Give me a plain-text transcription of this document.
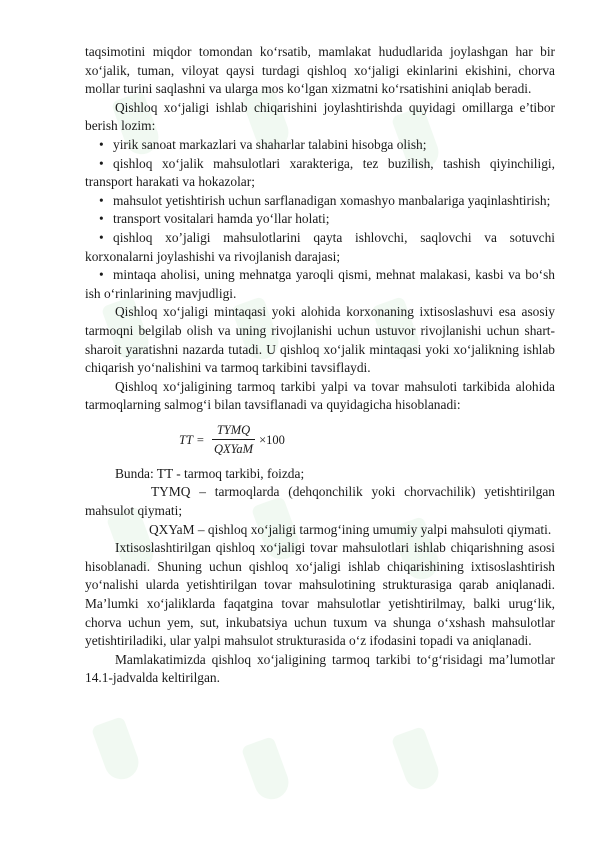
taqsimotini miqdor tomondan ko‘rsatib, mamlakat hududlarida joylashgan har bir

xo‘jalik, tuman, viloyat qaysi turdagi qishloq xo‘jaligi ekinlarini ekishini, chorva

mollar turini saqlashni va ularga mos ko‘lgan xizmatni ko‘rsatishini aniqlab beradi.

Qishloq xo‘jaligi ishlab chiqarishini joylashtirishda quyidagi omillarga e’tibor

berish lozim:

• yirik sanoat markazlari va shaharlar talabini hisobga olish;

• qishloq xo‘jalik mahsulotlari xarakteriga, tez buzilish, tashish qiyinchiligi, transport harakati va hokazolar;

• mahsulot yetishtirish uchun sarflanadigan xomashyo manbalariga yaqinlashtirish;

• transport vositalari hamda yo‘llar holati;

• qishloq xo’jaligi mahsulotlarini qayta ishlovchi, saqlovchi va sotuvchi korxonalarni joylashishi va rivojlanish darajasi;

• mintaqa aholisi, uning mehnatga yaroqli qismi, mehnat malakasi, kasbi va bo‘sh ish o‘rinlarining mavjudligi.

Qishloq xo‘jaligi mintaqasi yoki alohida korxonaning ixtisoslashuvi esa asosiy tarmoqni belgilab olish va uning rivojlanishi uchun ustuvor rivojlanishi uchun shart-sharoit yaratishni nazarda tutadi. U qishloq xo‘jalik mintaqasi yoki xo‘jalikning ishlab chiqarish yo‘nalishini va tarmoq tarkibini tavsiflaydi.

Qishloq xo‘jaligining tarmoq tarkibi yalpi va tovar mahsuloti tarkibida alohida tarmoqlarning salmog‘i bilan tavsiflanadi va quyidagicha hisoblanadi:

TT = $\frac{\text{TYMQ}}{\text{QXYaM}} \times 100$

Bunda: TT - tarmoq tarkibi, foizda;

TYMQ – tarmoqlarda (dehqonchilik yoki chorvachilik) yetishtirilgan mahsulot qiymati;

QXYaM – qishloq xo‘jaligi tarmog‘ining umumiy yalpi mahsuloti qiymati.

Ixtisoslashtirilgan qishloq xo‘jaligi tovar mahsulotlari ishlab chiqarishning asosi hisoblanadi. Shuning uchun qishloq xo‘jaligi ishlab chiqarishining ixtisoslashtirish yo‘nalishi ularda yetishtirilgan tovar mahsulotining strukturasiga qarab aniqlanadi. Ma’lumki xo‘jaliklarda faqatgina tovar mahsulotlar yetishtirilmay, balki urug‘lik, chorva uchun yem, sut, inkubatsiya uchun tuxum va shunga o‘xshash mahsulotlar yetishtiriladiki, ular yalpi mahsulot strukturasida o‘z ifodasini topadi va aniqlanadi.

Mamlakatimizda qishloq xo‘jaligining tarmoq tarkibi to‘g‘risidagi ma’lumotlar 14.1-jadvalda keltirilgan.
